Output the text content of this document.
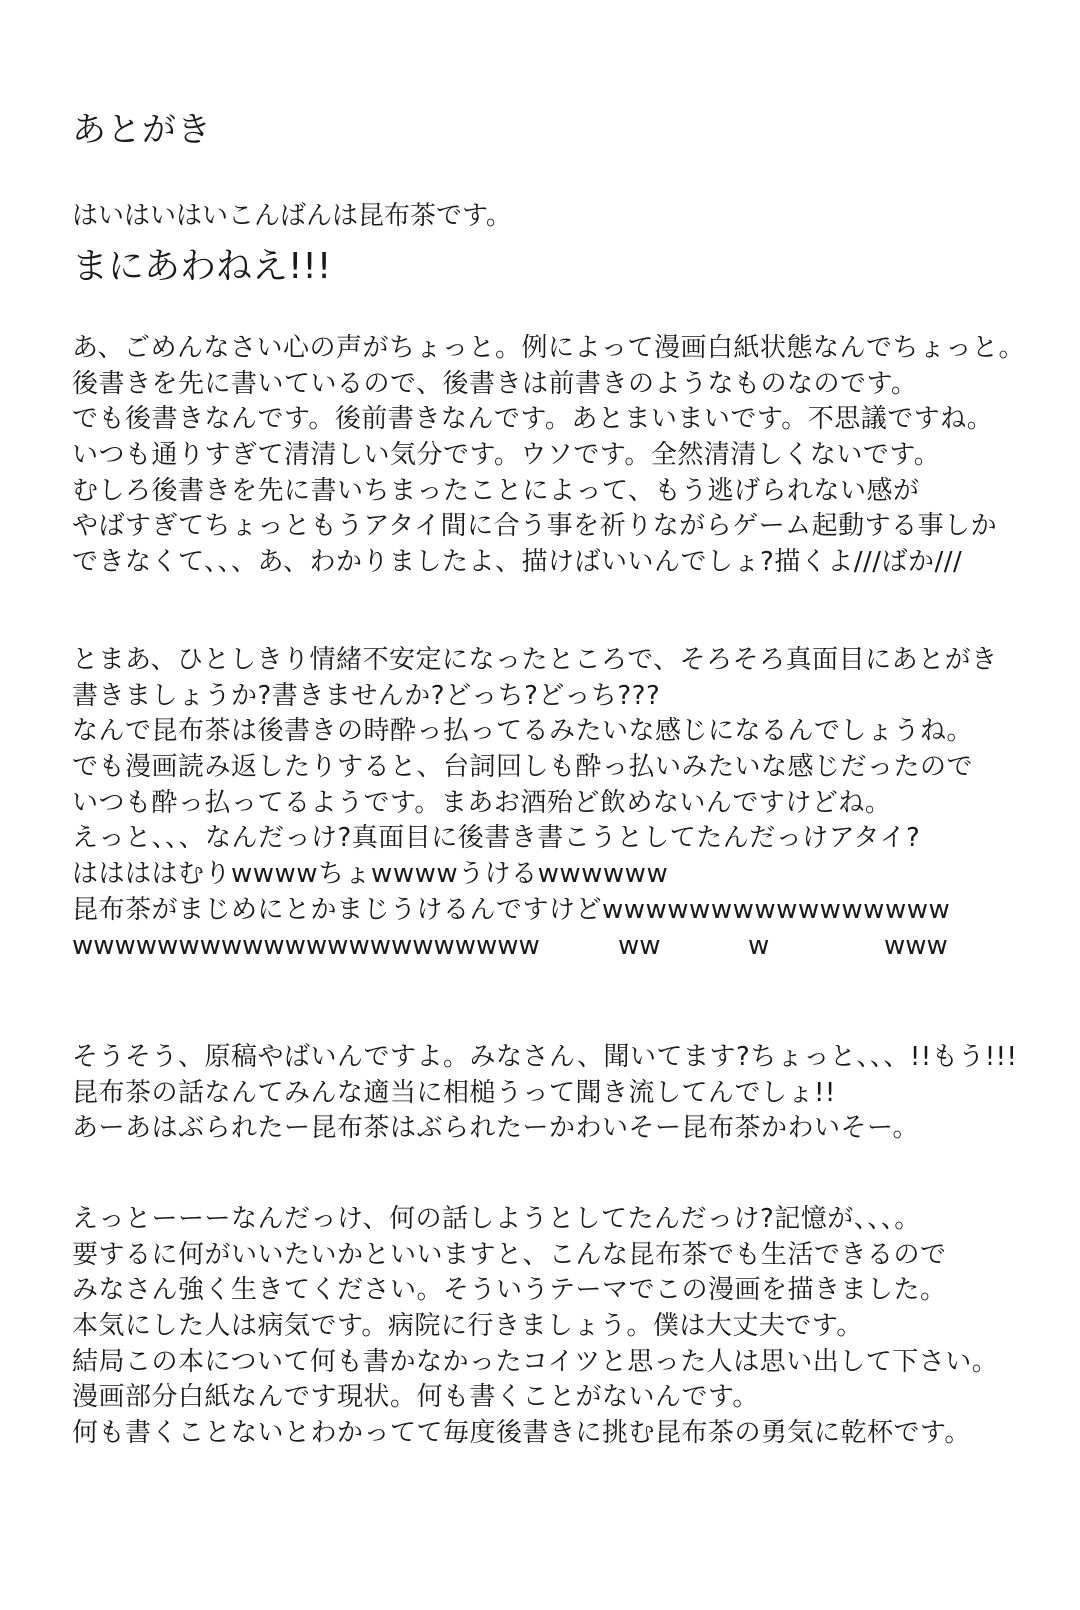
あとがき
はいはいはいこんばんは昆布茶です。
まにあわねえ!!!
あ、ごめんなさい心の声がちょっと。例によって漫画白紙状態なんでちょっと。
後書きを先に書いているので、後書きは前書きのようなものなのです。
でも後書きなんです。後前書きなんです。あとまいまいです。不思議ですね。
いつも通りすぎて清清しい気分です。ウソです。全然清清しくないです。
むしろ後書きを先に書いちまったことによって、もう逃げられない感が
やばすぎてちょっともうアタイ間に合う事を祈りながらゲーム起動する事しか
できなくて、、、あ、わかりましたよ、描けばいいんでしょ?描くよ///ばか///
とまあ、ひとしきり情緒不安定になったところで、そろそろ真面目にあとがき
書きましょうか?書きませんか?どっち?どっち???
なんで昆布茶は後書きの時酔っ払ってるみたいな感じになるんでしょうね。
でも漫画読み返したりすると、台詞回しも酔っ払いみたいな感じだったので
いつも酔っ払ってるようです。まあお酒殆ど飲めないんですけどね。
えっと、、、なんだっけ?真面目に後書き書こうとしてたんだっけアタイ?
ははははむりwwwwちょwwwwうけるwwwwww
昆布茶がまじめにとかまじうけるんですけどwwwwwwwwwwwwwwww
wwwwwwwwwwwwwwwwwwwwww	ww	w	www
そうそう、原稿やばいんですよ。みなさん、聞いてます?ちょっと、、、!!もう!!!
昆布茶の話なんてみんな適当に相槌うって聞き流してんでしょ!!
あーあはぶられたー昆布茶はぶられたーかわいそー昆布茶かわいそー。
えっとーーーなんだっけ、何の話しようとしてたんだっけ?記憶が、、、。
要するに何がいいたいかといいますと、こんな昆布茶でも生活できるので
みなさん強く生きてください。そういうテーマでこの漫画を描きました。
本気にした人は病気です。病院に行きましょう。僕は大丈夫です。
結局この本について何も書かなかったコイツと思った人は思い出して下さい。
漫画部分白紙なんです現状。何も書くことがないんです。
何も書くことないとわかってて毎度後書きに挑む昆布茶の勇気に乾杯です。
